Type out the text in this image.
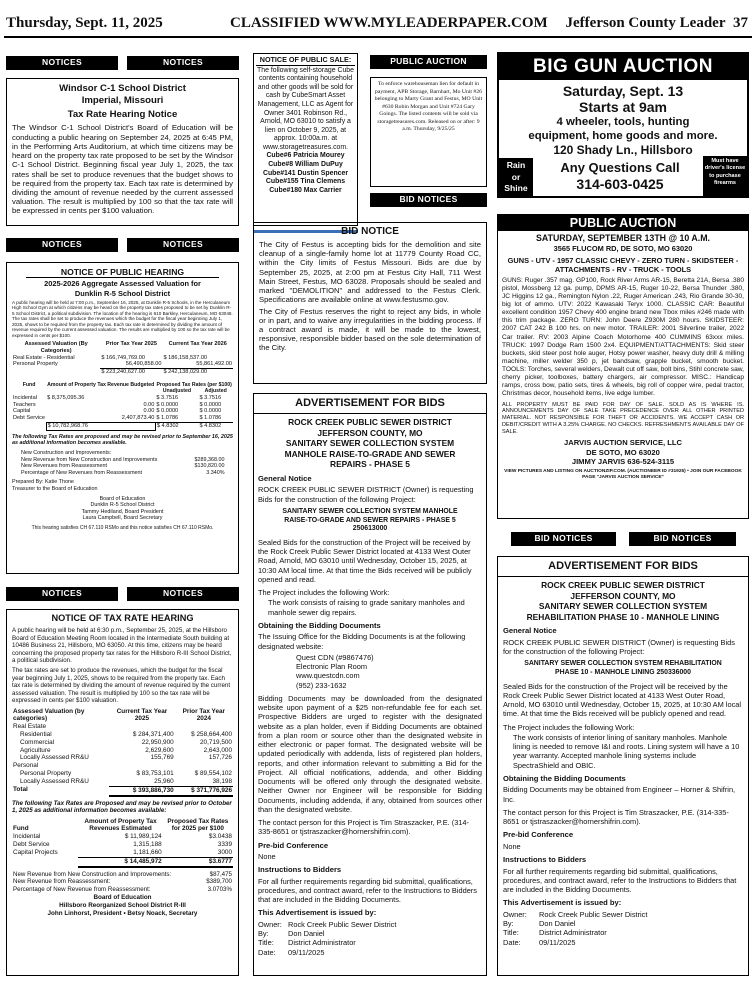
Thursday, Sept. 11, 2025	CLASSIFIED WWW.MYLEADERPAPER.COM Jefferson County Leader 37
NOTICES	NOTICES
Windsor C-1 School District
Imperial, Missouri
Tax Rate Hearing Notice
The Windsor C-1 School District's Board of Education will be conducting a public hearing on September 24, 2025 at 6:45 PM, in the Performing Arts Auditorium, at which time citizens may be heard on the property tax rate proposed to be set by the Windsor C-1 School District. Beginning fiscal year July 1, 2025, the tax rates shall be set to produce revenues that the budget shows to be required from the property tax. Each tax rate is determined by dividing the amount of revenue needed by the current assessed valuation. The result is multiplied by 100 so that the tax rate will be expressed in cents per $100 valuation.
NOTICES	NOTICES
NOTICE OF PUBLIC HEARING
2025-2026 Aggregate Assessed Valuation for
Dunklin R-5 School District
A public hearing will be held at 7:00 p.m., September 16, 2025, at Dunklin R-5 Schools, in the Herculaneum High School Gym at which citizens may be heard on the property tax rates proposed to be set by Dunklin R-5 School District, a political subdivision. The location of the hearing is 610 Barkley, Herculaneum, MO 63048. The tax rates shall be set to produce the revenues which the budget for the fiscal year beginning July 1, 2025, shows to be required from the property tax. Each tax rate is determined by dividing the amount of revenue required by the current assessed valuation. The results are multiplied by 100 so the tax rate will be expressed in cents per $100.
Assessed Valuation (By Categories)	Prior Tax Year 2025	Current Tax Year 2026
Real Estate - Residential	$ 166,749,769.00	$ 186,158,537.00
Personal Property	56,490,858.00	55,861,492.00
	$ 223,240,627.00	$ 242,138,029.00
Fund	Amount of Property Tax Revenue Budgeted	Proposed Tax Rates (per $100)	
		Unadjusted	Adjusted
Incidental	$ 8,375,095.36	$ 3.7516	$ 3.7516
Teachers	0.00	$ 0.0000	$ 0.0000
Capital	0.00	$ 0.0000	$ 0.0000
Debt Service	2,407,873.40	$ 1.0786	$ 1.0786
	$ 10,782,968.76	$ 4.8302	$ 4.8302
The following Tax Rates are proposed and may be revised prior to September 16, 2025 as additional information becomes available.
New Construction and Improvements:	
New Revenue from New Construction and Improvements	$289,368.00
New Revenues from Reassessment	$130,820.00
Percentage of New Revenues from Reassessment	3.340%
Prepared By: Katie Thone
Treasurer to the Board of Education
Board of Education
Dunklin R-5 School District
Tammy Hediland, Board President
Laura Campbell, Board Secretary
This hearing satisfies CH 67.110 RSMo and this notice satisfies CH 67.110 RSMo.
NOTICES	NOTICES
NOTICE OF TAX RATE HEARING
A public hearing will be held at 6:30 p.m., September 25, 2025, at the Hillsboro Board of Education Meeting Room located in the Intermediate South building at 10486 Business 21, Hillsboro, MO 63050. At this time, citizens may be heard concerning the proposed property tax rates for the Hillsboro R-III School District, a political subdivision.
The tax rates are set to produce the revenues, which the budget for the fiscal year beginning July 1, 2025, shows to be required from the property tax. Each tax rate is determined by dividing the amount of revenue required by the current assessed valuation. The result is multiplied by 100 so the tax rate will be expressed in cents per $100 valuation.
Assessed Valuation (by categories)	Current Tax Year 2025	Prior Tax Year 2024
Real Estate		
Residential	$ 284,371,400	$ 258,664,400
Commercial	22,950,900	20,719,500
Agriculture	2,629,600	2,643,000
Locally Assessed RR&U	155,769	157,726
Personal		
Personal Property	$ 83,753,101	$ 89,554,102
Locally Assessed RR&U	25,960	38,198
Total	$ 393,886,730	$ 371,776,926
The following Tax Rates are Proposed and may be revised prior to October 1, 2025 as additional information becomes available:
Fund	Amount of Property Tax Revenues Estimated	Proposed Tax Rates for 2025 per $100
Incidental	$ 11,989,124	$3.0438
Debt Service	1,315,188	3339
Capital Projects	1,181,660	3000
	$ 14,485,972	$3.6777
New Revenue from New Construction and Improvements:	$87,475
New Revenue from Reassessment:	$389,700
Percentage of New Revenue from Reassessment:	3.0703%
Board of Education
Hillsboro Reorganized School District R-III
John Linhorst, President • Betsy Noack, Secretary
NOTICE OF PUBLIC SALE:
The following self-storage Cube contents containing household and other goods will be sold for cash by CubeSmart Asset Management, LLC as Agent for Owner 3401 Robinson Rd., Arnold, MO 63010 to satisfy a lien on October 9, 2025, at approx. 10:00a.m. at www.storagetreasures.com.
Cube#6 Patricia Mourey
Cube#8 William DuPuy
Cube#141 Dustin Spencer
Cube#155 Tina Clemens
Cube#180 Max Carrier
PUBLIC AUCTION
To enforce warehouseman lien for default in payment, APB Storage, Barnhart, Mo Unit #26 belonging to Marty Grant and Festus, MO Unit #630 Robin Morgan and Unit #724 Gary Goings. The listed contents will be sold via storagetreasures.com. Released on or after: 9 a.m. Thursday, 9/25/25
BID NOTICES
BID NOTICE
The City of Festus is accepting bids for the demolition and site cleanup of a single-family home lot at 11779 County Road CC, within the City limits of Festus Missouri. Bids are due by September 25, 2025, at 2:00 pm at Festus City Hall, 711 West Main Street, Festus, MO 63028. Proposals should be sealed and marked "DEMOLITION" and addressed to the Festus Clerk. Specifications are available online at www.festusmo.gov.
The City of Festus reserves the right to reject any bids, in whole or in part, and to waive any irregularities in the bidding process. If a contract award is made, it will be made to the lowest, responsive, responsible bidder based on the sole determination of the City.
ADVERTISEMENT FOR BIDS
ROCK CREEK PUBLIC SEWER DISTRICT
JEFFERSON COUNTY, MO
SANITARY SEWER COLLECTION SYSTEM
MANHOLE RAISE-TO-GRADE AND SEWER
REPAIRS - PHASE 5
General Notice

ROCK CREEK PUBLIC SEWER DISTRICT (Owner) is requesting Bids for the construction of the following Project:

SANITARY SEWER COLLECTION SYSTEM MANHOLE
RAISE-TO-GRADE AND SEWER REPAIRS - PHASE 5
250613000

Sealed Bids for the construction of the Project will be received by the Rock Creek Public Sewer District located at 4133 West Outer Road, Arnold, MO 63010 until Wednesday, October 15, 2025, at 10:30 AM local time. At that time the Bids received will be publicly opened and read.

The Project includes the following Work:

The work consists of raising to grade sanitary manholes and manhole sewer dig repairs.

Obtaining the Bidding Documents

The Issuing Office for the Bidding Documents is at the following designated website:

Quest CDN (#9867476)
Electronic Plan Room
www.questcdn.com
(952) 233-1632

Bidding Documents may be downloaded from the designated website upon payment of a $25 non-refundable fee for each set. Prospective Bidders are urged to register with the designated website as a plan holder, even if Bidding Documents are obtained from a plan room or source other than the designated website in either electronic or paper format. The designated website will be updated periodically with addenda, lists of registered plan holders, reports, and other information relevant to submitting a Bid for the Project. All official notifications, addenda, and other Bidding Documents will be offered only through the designated website. Neither Owner nor Engineer will be responsible for Bidding Documents, including addenda, if any, obtained from sources other than the designated website.

The contact person for this Project is Tim Straszacker, P.E. (314-335-8651 or tjstraszacker@hornershifrin.com).

Pre-bid Conference

None

Instructions to Bidders

For all further requirements regarding bid submittal, qualifications, procedures, and contract award, refer to the Instructions to Bidders that are included in the Bidding Documents.

This Advertisement is issued by:
Owner: Rock Creek Public Sewer District
By:	Don Daniel
Title: District Administrator
Date: 09/11/2025
BIG GUN AUCTION
Saturday, Sept. 13
Starts at 9am
4 wheeler, tools, hunting
equipment, home goods and more.
120 Shady Ln., Hillsboro
Rain
or
Shine
Any Questions Call
314-603-0425
Must have driver's license to purchase firearms
PUBLIC AUCTION
SATURDAY, SEPTEMBER 13TH @ 10 A.M.
3565 FLUCOM RD, DE SOTO, MO 63020
GUNS - UTV - 1957 CLASSIC CHEVY - ZERO TURN - SKIDSTEER - ATTACHMENTS - RV - TRUCK - TOOLS
GUNS: Ruger .357 mag. GP100, Rock River Arms AR-15, Beretta 21A, Bersa .380 pistol, Mossberg 12 ga. pump, DPMS AR-15, Ruger 10-22, Bersa Thunder .380, JC Higgins 12 ga., Remington Nylon .22, Ruger American .243, Rio Grande 30-30, big lot of ammo. UTV: 2022 Kawasaki Teryx 1000. CLASSIC CAR: Beautiful excellent condition 1957 Chevy 400 engine brand new Tbox miles #246 made with this trim package. ZERO TURN: John Deere Z930M 280 hours. SKIDSTEER: 2007 CAT 242 B 100 hrs. on new motor. TRAILER: 2001 Silverline trailer, 2022 Car trailer. RV: 2003 Alpine Coach Motorhome 400 CUMMINS 63xxx miles. TRUCK: 1997 Dodge Ram 1500 2x4. EQUIPMENT/ATTACHMENTS: Skid steer buckets, skid steer post hole auger, Hotsy power washer, heavy duty drill & milling machine, miller welder 350 p, jet bandsaw, grapple bucket, smooth bucket. TOOLS: Torches, several welders, Dewalt cut off saw, bolt bins, Stihl concrete saw, cherry picker, toolboxes, battery chargers, air compressor. MISC.: Handicap ramps, cross bow, patio sets, tires & wheels, big roll of copper wire, pedal tractor, Christmas decor, household items, live edge lumber.
ALL PROPERTY MUST BE PAID FOR DAY OF SALE. SOLD AS IS WHERE IS. ANNOUNCEMENTS DAY OF SALE TAKE PRECEDENCE OVER ALL OTHER PRINTED MATERIAL. NOT RESPONSIBLE FOR THEFT OR ACCIDENTS. WE ACCEPT CASH OR DEBIT/CREDIT WITH A 3.25% CHARGE. NO CHECKS. REFRESHMENTS AVAILABLE DAY OF SALE.
JARVIS AUCTION SERVICE, LLC
DE SOTO, MO 63020
JIMMY JARVIS 636-524-3115
VIEW PICTURES AND LISTING ON AUCTIONZIP.COM. (AUCTIONEER ID #31925) • JOIN OUR FACEBOOK PAGE "JARVIS AUCTION SERVICE"
BID NOTICES	BID NOTICES
ADVERTISEMENT FOR BIDS
ROCK CREEK PUBLIC SEWER DISTRICT
JEFFERSON COUNTY, MO
SANITARY SEWER COLLECTION SYSTEM
REHABILITATION PHASE 10 - MANHOLE LINING
General Notice

ROCK CREEK PUBLIC SEWER DISTRICT (Owner) is requesting Bids for the construction of the following Project:

SANITARY SEWER COLLECTION SYSTEM REHABILITATION
PHASE 10 - MANHOLE LINING 250336000

Sealed Bids for the construction of the Project will be received by the Rock Creek Public Sewer District located at 4133 West Outer Road, Arnold, MO 63010 until Wednesday, October 15, 2025, at 10:30 AM local time. At that time the Bids received will be publicly opened and read.

The Project includes the following Work:

The work consists of interior lining of sanitary manholes. Manhole lining is needed to remove I&I and roots. Lining system will have a 10 year warranty. Accepted manhole lining systems include SpectraShield and OBIC.

Obtaining the Bidding Documents

Bidding Documents may be obtained from Engineer – Horner & Shifrin, Inc.

The contact person for this Project is Tim Straszacker, P.E. (314-335-8651 or tjstraszacker@hornershifrin.com).

Pre-bid Conference

None

Instructions to Bidders

For all further requirements regarding bid submittal, qualifications, procedures, and contract award, refer to the Instructions to Bidders that are included in the Bidding Documents.

This Advertisement is issued by:
Owner: Rock Creek Public Sewer District
By:	Don Daniel
Title:	District Administrator
Date: 09/11/2025
